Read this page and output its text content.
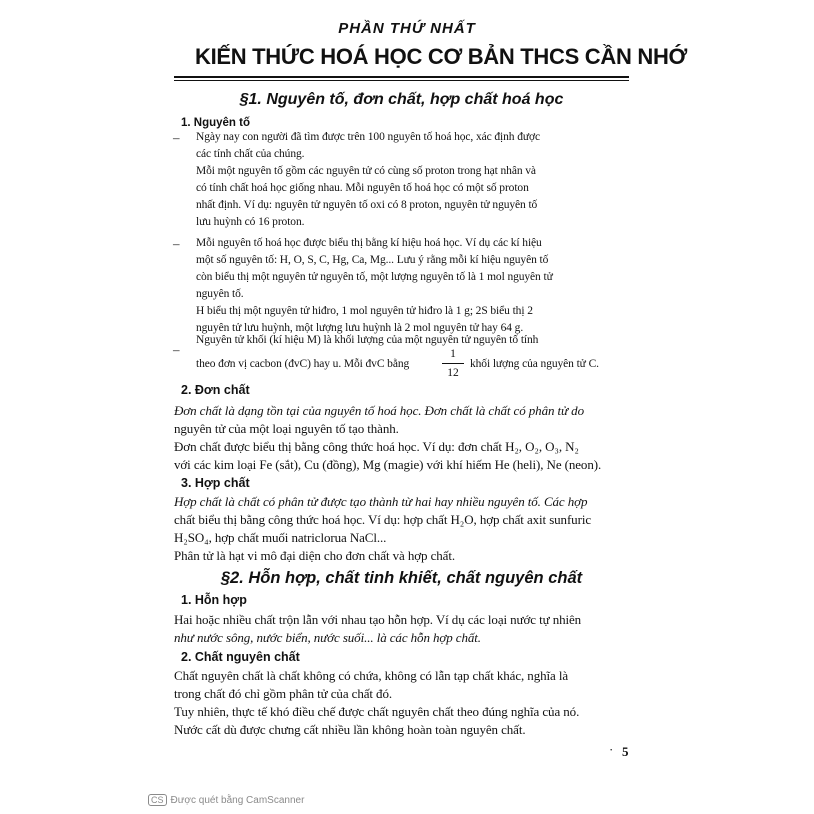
PHẦN THỨ NHẤT
KIẾN THỨC HOÁ HỌC CƠ BẢN THCS CẦN NHỚ
§1. Nguyên tố, đơn chất, hợp chất hoá học
1. Nguyên tố
– Ngày nay con người đã tìm được trên 100 nguyên tố hoá học, xác định được
các tính chất của chúng.
Mỗi một nguyên tố gồm các nguyên tử có cùng số proton trong hạt nhân và
có tính chất hoá học giống nhau. Mỗi nguyên tố hoá học có một số proton
nhất định. Ví dụ: nguyên tử nguyên tố oxi có 8 proton, nguyên tử nguyên tố
lưu huỳnh có 16 proton.
– Mỗi nguyên tố hoá học được biểu thị bằng kí hiệu hoá học. Ví dụ các kí hiệu
một số nguyên tố: H, O, S, C, Hg, Ca, Mg... Lưu ý rằng mỗi kí hiệu nguyên tố
còn biểu thị một nguyên tử nguyên tố, một lượng nguyên tố là 1 mol nguyên tử
nguyên tố.
H biểu thị một nguyên tử hiđro, 1 mol nguyên tử hiđro là 1 g; 2S biểu thị 2
nguyên tử lưu huỳnh, một lượng lưu huỳnh là 2 mol nguyên tử hay 64 g.
–
Nguyên tử khối (kí hiệu M) là khối lượng của một nguyên tử nguyên tố tính
theo đơn vị cacbon (đvC) hay u. Mỗi đvC bằng
1
12
khối lượng của nguyên tử C.
2. Đơn chất
Đơn chất là dạng tồn tại của nguyên tố hoá học. Đơn chất là chất có phân tử do
nguyên tử của một loại nguyên tố tạo thành.
Đơn chất được biểu thị bằng công thức hoá học. Ví dụ: đơn chất H₂, O₂, O₃, N₂
với các kim loại Fe (sắt), Cu (đồng), Mg (magie) với khí hiếm He (heli), Ne (neon).
3. Hợp chất
Hợp chất là chất có phân tử được tạo thành từ hai hay nhiều nguyên tố. Các hợp
chất biểu thị bằng công thức hoá học. Ví dụ: hợp chất H₂O, hợp chất axit sunfuric
H₂SO₄, hợp chất muối natriclorua NaCl...
Phân tử là hạt vi mô đại diện cho đơn chất và hợp chất.
§2. Hỗn hợp, chất tinh khiết, chất nguyên chất
1. Hỗn hợp
Hai hoặc nhiều chất trộn lẫn với nhau tạo hỗn hợp. Ví dụ các loại nước tự nhiên
như nước sông, nước biển, nước suối... là các hỗn hợp chất.
2. Chất nguyên chất
Chất nguyên chất là chất không có chứa, không có lẫn tạp chất khác, nghĩa là
trong chất đó chỉ gồm phân tử của chất đó.
Tuy nhiên, thực tế khó điều chế được chất nguyên chất theo đúng nghĩa của nó.
Nước cất dù được chưng cất nhiều lần không hoàn toàn nguyên chất.
· 5
CS Được quét bằng CamScanner
